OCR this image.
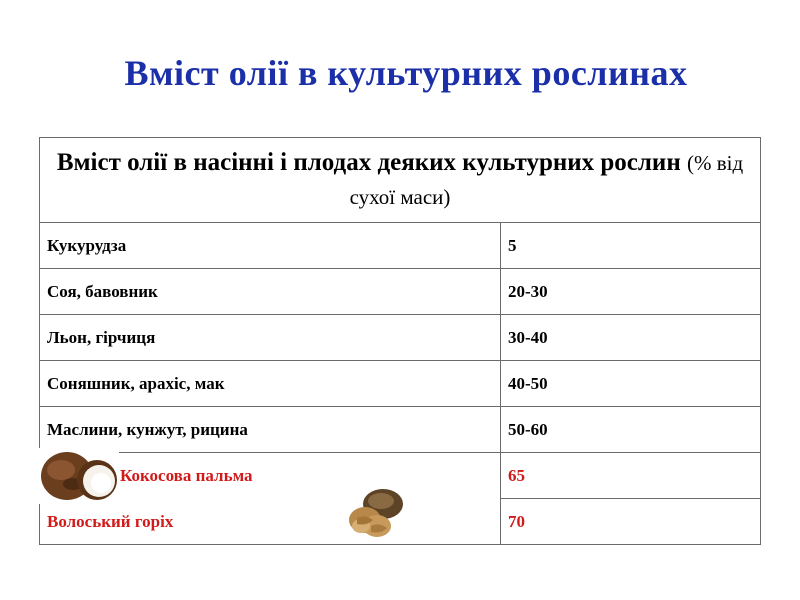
Вміст олії в культурних рослинах
Вміст олії в насінні і плодах деяких культурних рослин (% від сухої маси)	
Кукурудза	5
Соя, бавовник	20-30
Льон, гірчиця	30-40
Соняшник, арахіс, мак	40-50
Маслини, кунжут, рицина	50-60
Кокосова пальма	65
Волоський горіх	70
